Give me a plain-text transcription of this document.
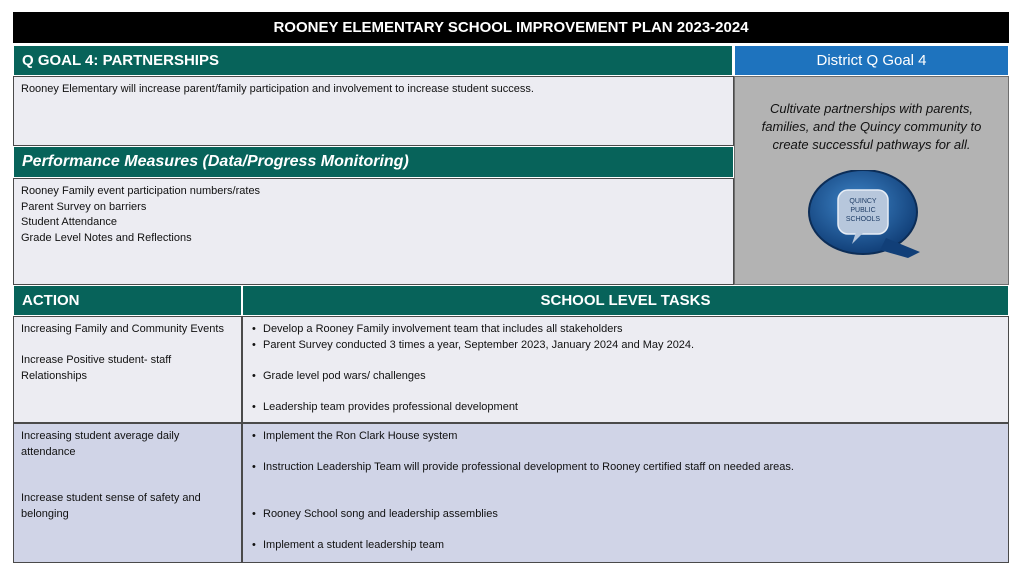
ROONEY ELEMENTARY SCHOOL IMPROVEMENT PLAN 2023-2024
Q GOAL 4: PARTNERSHIPS	District Q Goal 4
Rooney Elementary will increase parent/family participation and involvement to increase student success.
Performance Measures (Data/Progress Monitoring)
Rooney Family event participation numbers/rates
Parent Survey on barriers
Student Attendance
Grade Level Notes and Reflections
Cultivate partnerships with parents,
families, and the Quincy community to
create successful pathways for all.
QUINCY
PUBLIC
SCHOOLS
ACTION	SCHOOL LEVEL TASKS
Increasing Family and Community Events
Increase Positive student- staff
Relationships
• Develop a Rooney Family involvement team that includes all stakeholders
• Parent Survey conducted 3 times a year, September 2023, January 2024 and May 2024.
• Grade level pod wars/ challenges
• Leadership team provides professional development
Increasing student average daily
attendance
Increase student sense of safety and
belonging
• Implement the Ron Clark House system
• Instruction Leadership Team will provide professional development to Rooney certified staff on needed areas.
• Rooney School song and leadership assemblies
• Implement a student leadership team
